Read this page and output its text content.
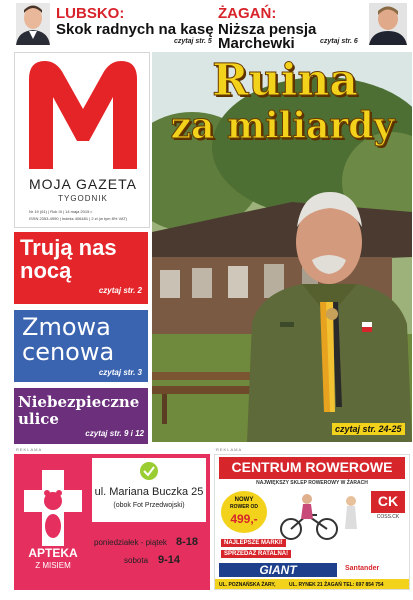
LUBSKO:
Skok radnych na kasę
czytaj str. 5
ŻAGAŃ:
Niższa pensja
Marchewki	czytaj str. 6
MOJA GAZETA
TYGODNIK
Nr 19 (61) | Rok III | 14 maja 2015 r.
ISSN 2353-4990 | Indeks 406481 | 2 zł (w tym 8% VAT)
Trują nas
nocą
czytaj str. 2
Zmowa
cenowa
czytaj str. 3
Niebezpieczne
ulice
czytaj str. 9 i 12
Ruina
za miliardy
czytaj str. 24-25
REKLAMA	REKLAMA
APTEKA
Z MISIEM
ul. Mariana Buczka 25
(obok Fot Przedwojski)
poniedziałek - piątek 8-18
sobota 9-14
CENTRUM ROWEROWE
NAJWIĘKSZY SKLEP ROWEROWY W ŻARACH
NOWY
ROWER OD
499,-
CK
COSS.CK
NAJLEPSZE MARKI!
SPRZEDAŻ RATALNA!
GIANT	Santander
UL. POZNAŃSKA ŻARY,	UL. RYNEK 21 ŻAGAŃ TEL: 697 854 754
